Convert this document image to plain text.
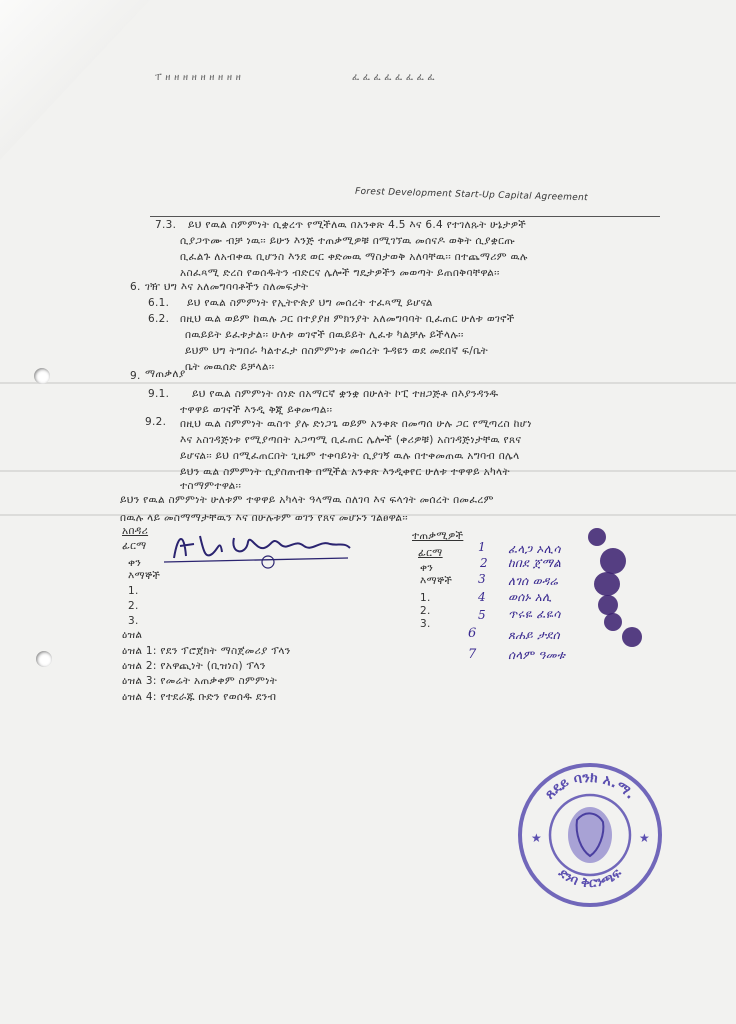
ፐ ዘ ዘ ዘ ዘ ዘ ዘ ዘ ዘ ዘ	ፈ ፈ ፈ ፈ ፈ ፈ ፈ ፈ
Forest Development Start-Up Capital Agreement
7.3. ይህ የዉል ስምምነት ሲቋረጥ የሚችለዉ በአንቀጽ 4.5 እና 6.4 የተገለጹት ሁኔታዎች
ሲያጋጥሙ ብቻ ነዉ፡፡ ይሁን እንጅ ተጠቃሚዎቹ በሚገኘዉ መሰናዶ ወቅት ሲያቋርጡ
ቢፈልጉ ለአብቀዉ ቢሆንስ እንደ ወር ቀድመዉ ማስታወቅ አለባቸዉ፡፡ በተጨማሪም ዉሉ
አስፈጻሚ ድረስ የወሰዱትን ብድርና ሌሎች ግዴታዎችን መወጣት ይጠበቅባቸዋል፡፡
6. ገዥ ህግ እና አለመግባባቶችን ስለመፍታት
6.1. ይህ የዉል ስምምነት የኢትዮጵያ ህግ መሰረት ተፈጻሚ ይሆናል
6.2. በዚህ ዉል ወይም ከዉሉ ጋር በተያያዘ ምክንያት አለመግባባት ቢፈጠር ሁለቱ ወገኖች
በዉይይት ይፈቱታል፡፡ ሁለቱ ወገኖች በዉይይት ሊፈቱ ካልቻሉ ይችላሉ፡፡
ይህም ህግ ትግበራ ካልተፈታ በስምምነቱ መሰረት ጉዳዩን ወደ መደበኛ ፍ/ቤት
ቤት መዉሰድ ይቻላል፡፡
9. ማጠቃለያ
9.1. ይህ የዉል ስምምነት ሰነድ በአማርኛ ቋንቋ በሁለት ኮፒ ተዘጋጅቶ በእያንዳንዱ
ተዋዋይ ወገኖች እንዲ ቅጂ ይቀመጣል፡፡
9.2. በዚህ ዉል ስምምነት ዉስጥ ያሉ ድነጋጌ ወይም አንቀጽ በመጣሰ ሁሉ ጋር የሚጣረስ ከሆነ
እና አስገዳጅነቱ የሚያጣበት አጋጣሚ ቢፈጠር ሌሎች (ቀሪዎቹ) አስገዳጅነታቸዉ የጸና
ይሆናል፡፡ ይህ በሚፈጠርበት ጊዜም ተቀባይነት ሲያገኝ ዉሉ በተቀመጠዉ አግባብ በሌላ
ይህን ዉል ስምምነት ሲያስጠብቅ በሚችል አንቀጽ እንዲቀየር ሁለቱ ተዋዋይ አካላት
ተስማምተዋል፡፡
ይህን የዉል ስምምነት ሁለቱም ተዋዋይ አካላት ዓላማዉ ስለገባ እና ፍላጎት መሰረት በመፈረም
በዉሉ ላይ መስማማታቸዉን እና በሁሉቱም ወገን የጸና መሆኑን ገልፀዋል፡፡
አበዳሪ
ፊርማ
ቀን
እማኞች
1.
2.
3.
ተጠቃሚዎች
ፊርማ
ቀን
እማኞች
1.
2.
3.
1 ፈላጋ ኦሊሳ
2 ከበደ ጀማል
3 ለገሰ ወዳሬ
4 ወሰኑ አሊ
5 ጥሩዬ ፈዬሳ
6	ጸሐይ ታደሰ
7	ሰላም ዓመቱ
ዕዝል
ዕዝል 1: የደን ፕሮጀክት ማስጀመሪያ ፕላን
ዕዝል 2: የአዋጪነት (ቢዝነስ) ፕላን
ዕዝል 3: የመሬት አጠቃቀም ስምምነት
ዕዝል 4: የተደራጁ ቡድን የወሰዱ ደንብ
ጸደይ ባንክ አ.ማ.
ደንባ ቅርንጫፍ
★	★
